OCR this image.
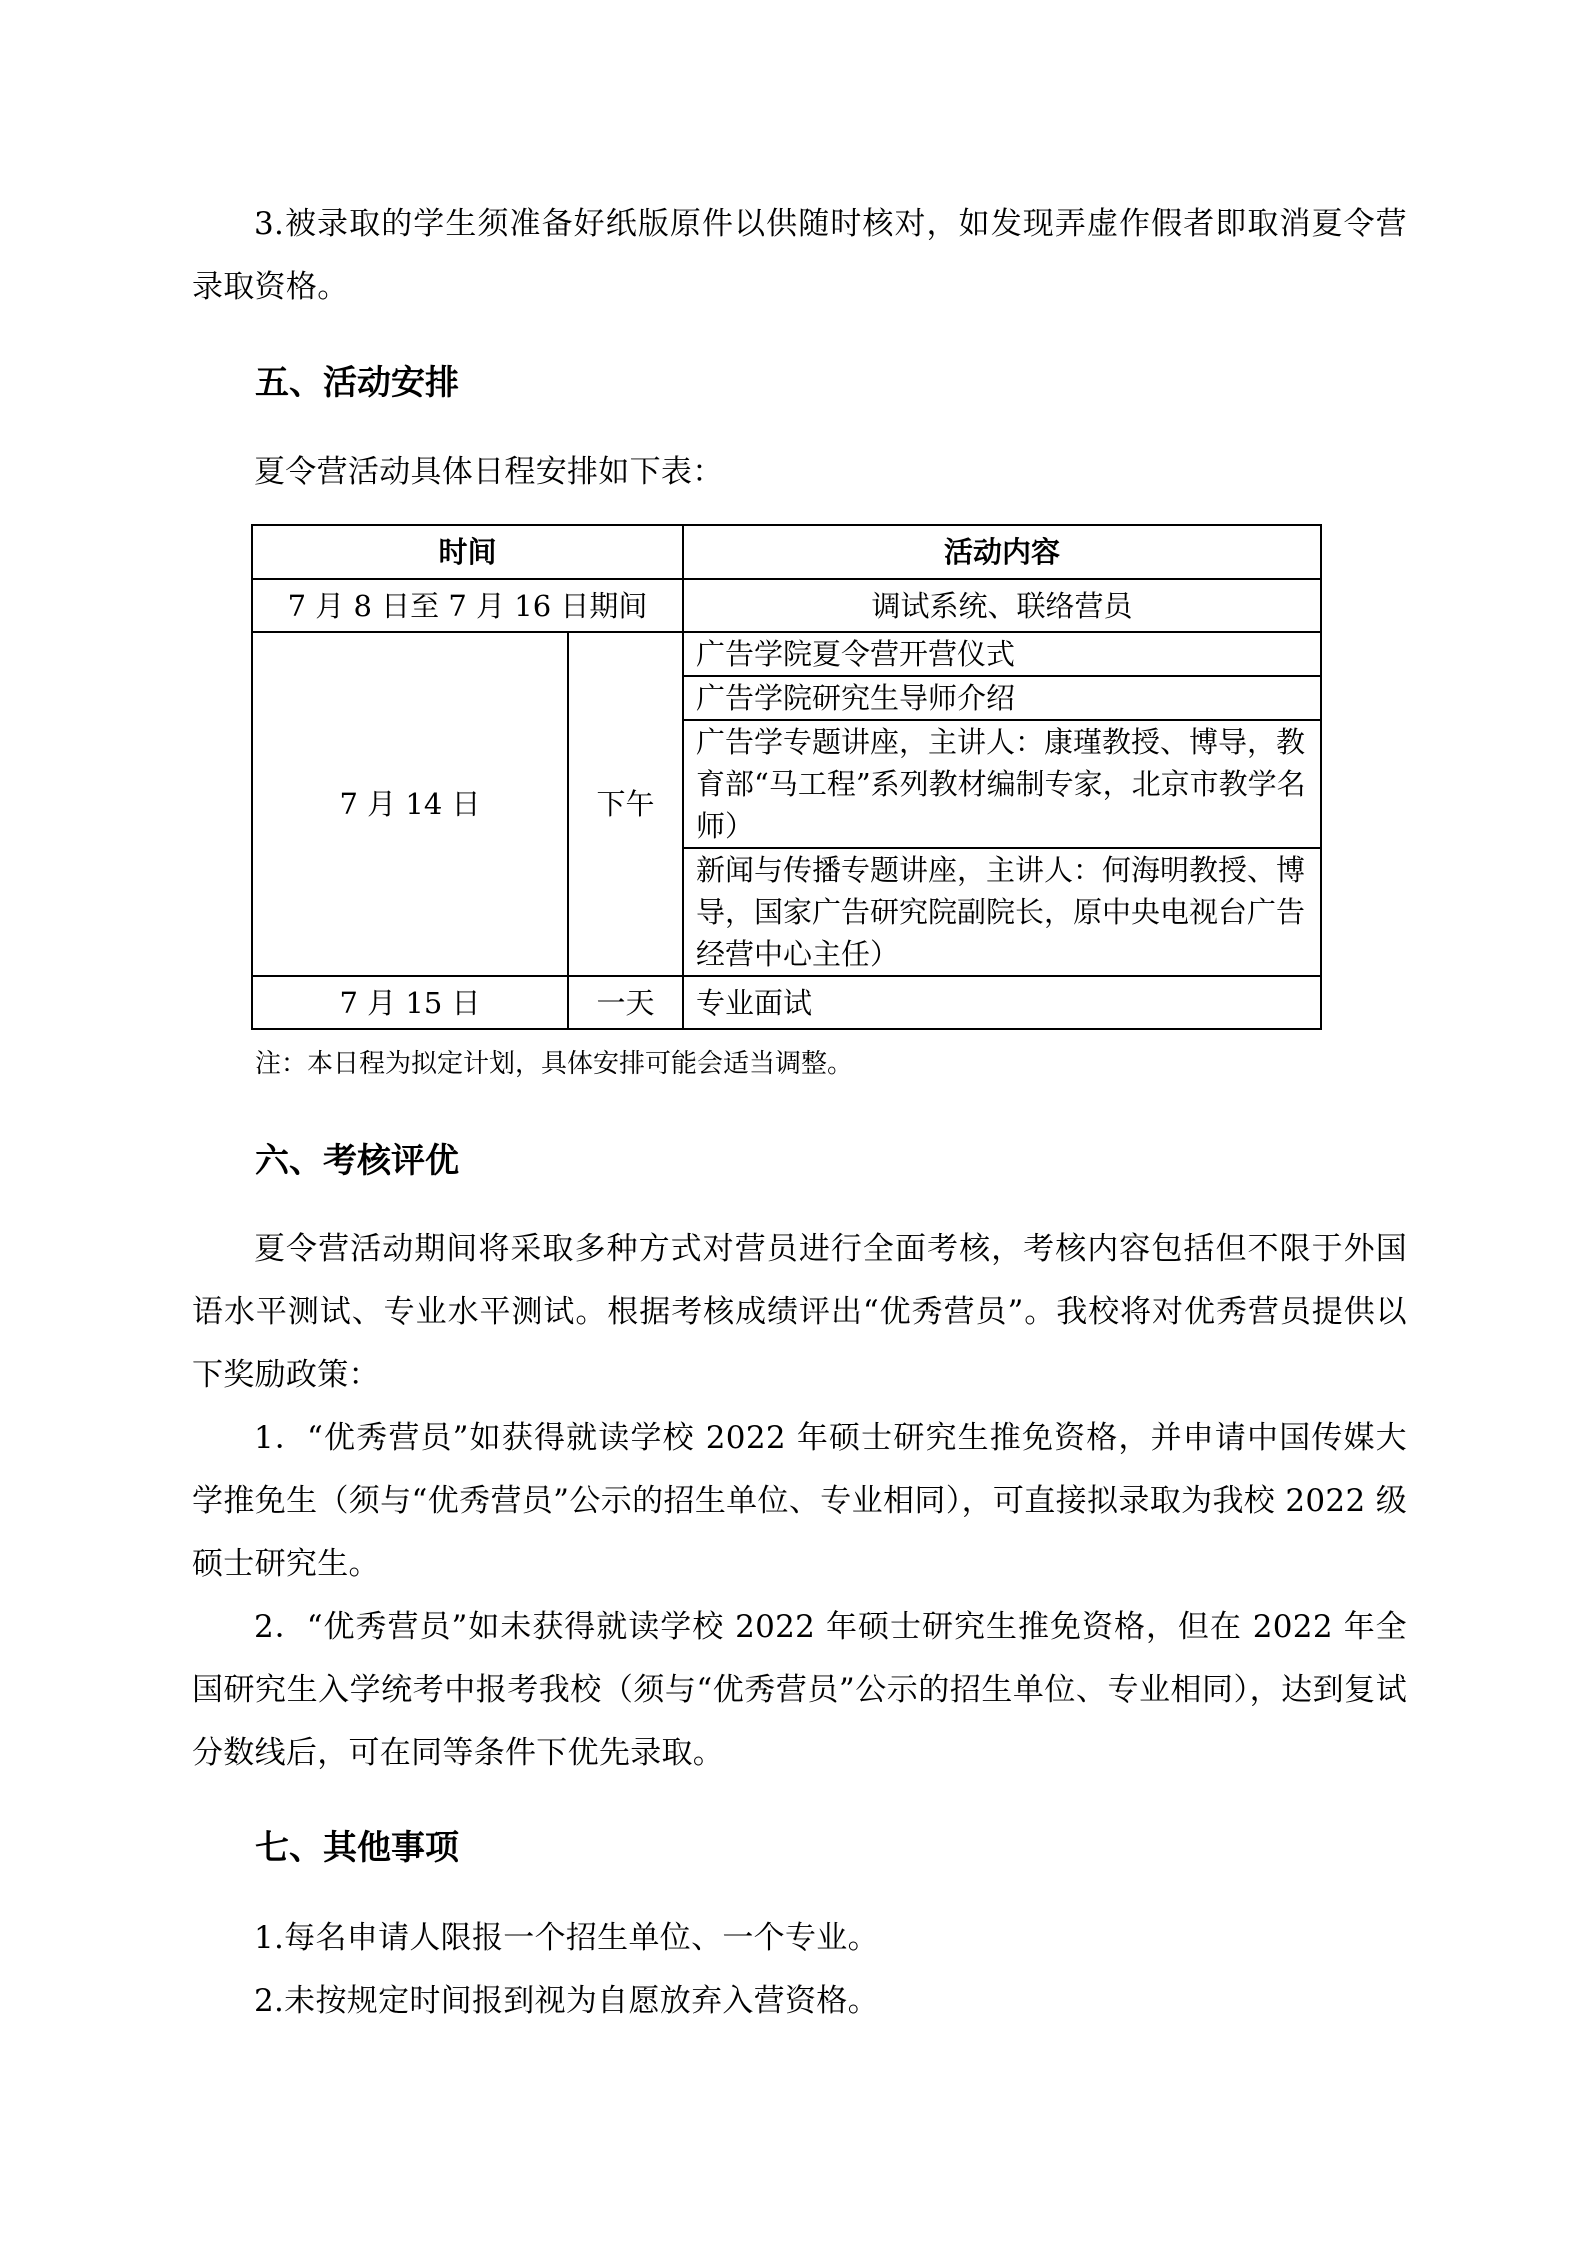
3.被录取的学生须准备好纸版原件以供随时核对，如发现弄虚作假者即取消夏令营录取资格。

五、活动安排

夏令营活动具体日程安排如下表：

时间		活动内容
7 月 8 日至 7 月 16 日期间		调试系统、联络营员
7 月 14 日	下午	广告学院夏令营开营仪式
		广告学院研究生导师介绍
		广告学专题讲座，主讲人：康瑾教授、博导，教育部“马工程”系列教材编制专家，北京市教学名师）
		新闻与传播专题讲座，主讲人：何海明教授、博导，国家广告研究院副院长，原中央电视台广告经营中心主任）
7 月 15 日	一天	专业面试

注：本日程为拟定计划，具体安排可能会适当调整。

六、考核评优

夏令营活动期间将采取多种方式对营员进行全面考核，考核内容包括但不限于外国语水平测试、专业水平测试。根据考核成绩评出“优秀营员”。我校将对优秀营员提供以下奖励政策：

1．“优秀营员”如获得就读学校 2022 年硕士研究生推免资格，并申请中国传媒大学推免生（须与“优秀营员”公示的招生单位、专业相同），可直接拟录取为我校 2022 级硕士研究生。

2．“优秀营员”如未获得就读学校 2022 年硕士研究生推免资格，但在 2022 年全国研究生入学统考中报考我校（须与“优秀营员”公示的招生单位、专业相同），达到复试分数线后，可在同等条件下优先录取。

七、其他事项

1.每名申请人限报一个招生单位、一个专业。

2.未按规定时间报到视为自愿放弃入营资格。
